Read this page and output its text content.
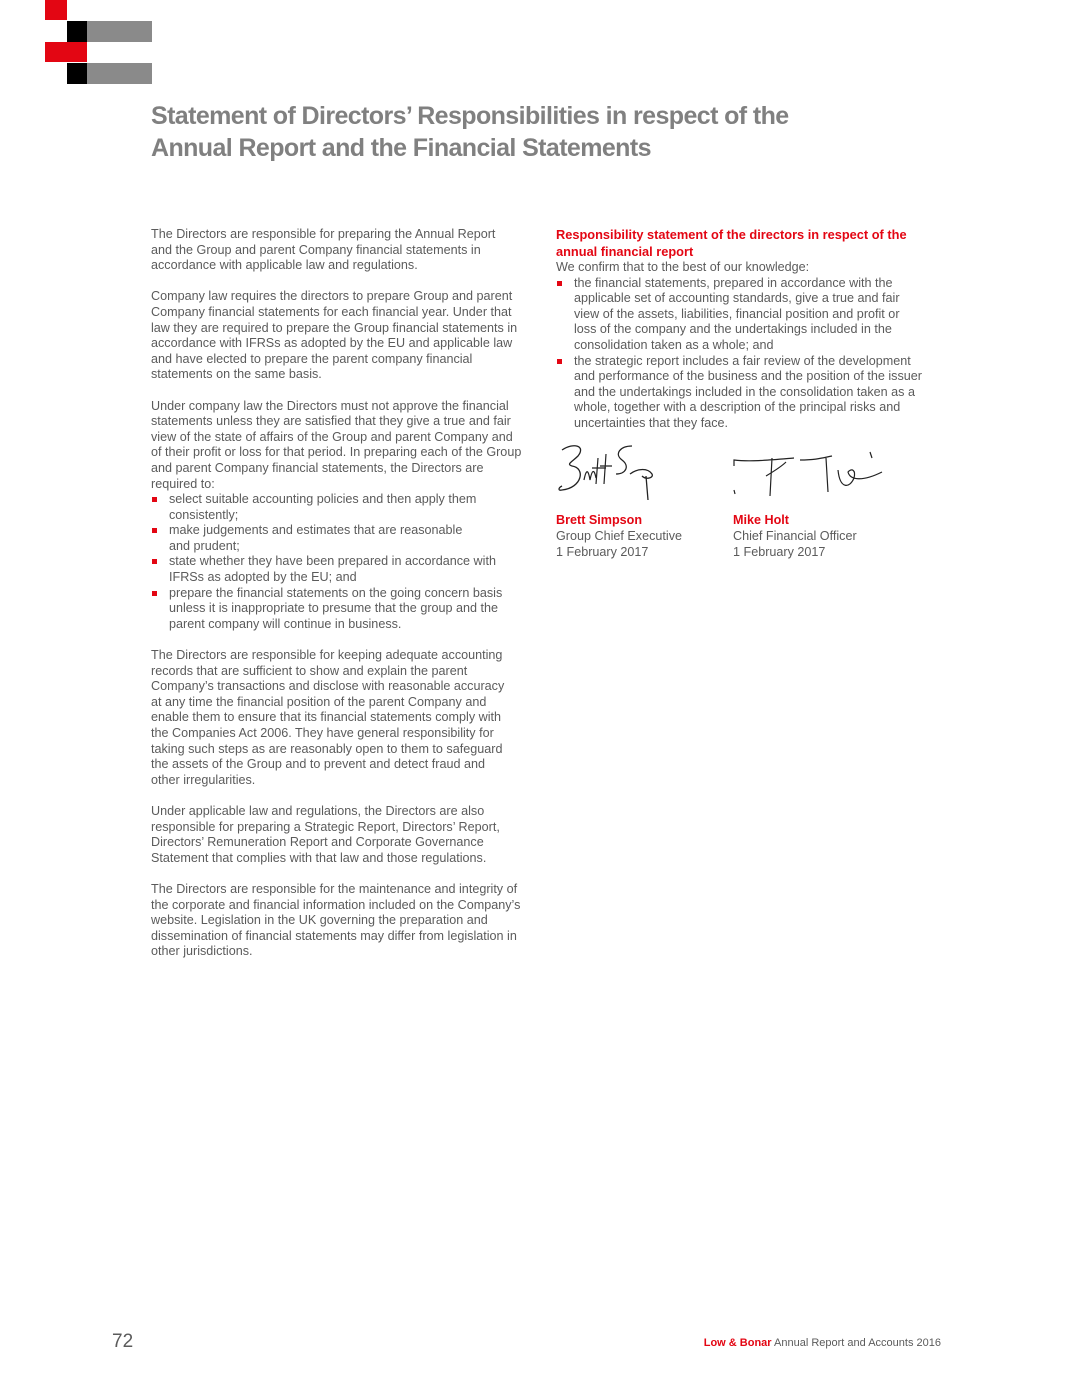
Statement of Directors’ Responsibilities in respect of the
Annual Report and the Financial Statements

The Directors are responsible for preparing the Annual Report
and the Group and parent Company financial statements in
accordance with applicable law and regulations.

Company law requires the directors to prepare Group and parent
Company financial statements for each financial year. Under that
law they are required to prepare the Group financial statements in
accordance with IFRSs as adopted by the EU and applicable law
and have elected to prepare the parent company financial
statements on the same basis.

Under company law the Directors must not approve the financial
statements unless they are satisfied that they give a true and fair
view of the state of affairs of the Group and parent Company and
of their profit or loss for that period. In preparing each of the Group
and parent Company financial statements, the Directors are
required to:

select suitable accounting policies and then apply them
consistently;
make judgements and estimates that are reasonable
and prudent;
state whether they have been prepared in accordance with
IFRSs as adopted by the EU; and
prepare the financial statements on the going concern basis
unless it is inappropriate to presume that the group and the
parent company will continue in business.

The Directors are responsible for keeping adequate accounting
records that are sufficient to show and explain the parent
Company’s transactions and disclose with reasonable accuracy
at any time the financial position of the parent Company and
enable them to ensure that its financial statements comply with
the Companies Act 2006. They have general responsibility for
taking such steps as are reasonably open to them to safeguard
the assets of the Group and to prevent and detect fraud and
other irregularities.

Under applicable law and regulations, the Directors are also
responsible for preparing a Strategic Report, Directors’ Report,
Directors’ Remuneration Report and Corporate Governance
Statement that complies with that law and those regulations.

The Directors are responsible for the maintenance and integrity of
the corporate and financial information included on the Company’s
website. Legislation in the UK governing the preparation and
dissemination of financial statements may differ from legislation in
other jurisdictions.

Responsibility statement of the directors in respect of the
annual financial report
We confirm that to the best of our knowledge:
the financial statements, prepared in accordance with the
applicable set of accounting standards, give a true and fair
view of the assets, liabilities, financial position and profit or
loss of the company and the undertakings included in the
consolidation taken as a whole; and
the strategic report includes a fair review of the development
and performance of the business and the position of the issuer
and the undertakings included in the consolidation taken as a
whole, together with a description of the principal risks and
uncertainties that they face.
Brett Simpson
Group Chief Executive
1 February 2017
Mike Holt
Chief Financial Officer
1 February 2017
72	Low & Bonar Annual Report and Accounts 2016
